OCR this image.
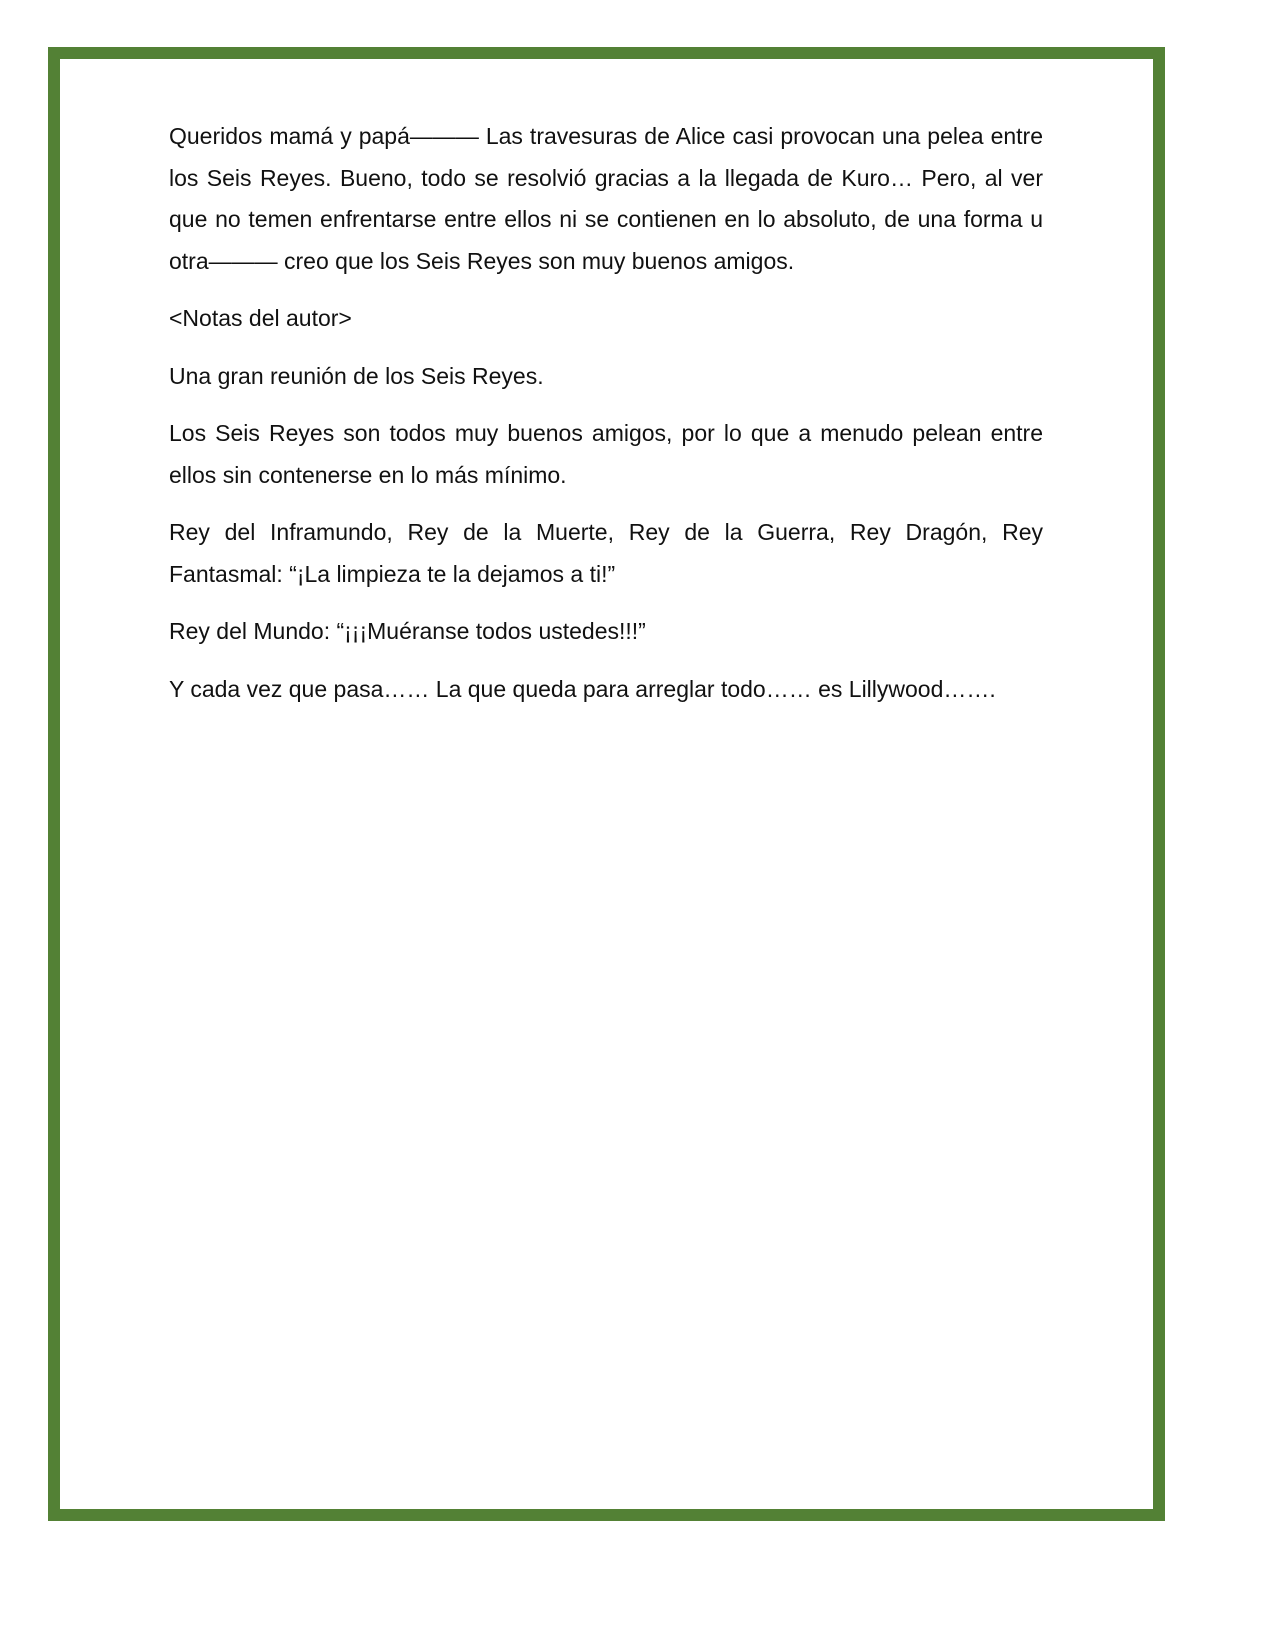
Queridos mamá y papá——— Las travesuras de Alice casi provocan una pelea entre los Seis Reyes. Bueno, todo se resolvió gracias a la llegada de Kuro… Pero, al ver que no temen enfrentarse entre ellos ni se contienen en lo absoluto, de una forma u otra——— creo que los Seis Reyes son muy buenos amigos.

<Notas del autor>

Una gran reunión de los Seis Reyes.

Los Seis Reyes son todos muy buenos amigos, por lo que a menudo pelean entre ellos sin contenerse en lo más mínimo.

Rey del Inframundo, Rey de la Muerte, Rey de la Guerra, Rey Dragón, Rey Fantasmal: “¡La limpieza te la dejamos a ti!”

Rey del Mundo: “¡¡¡Muéranse todos ustedes!!!”

Y cada vez que pasa…… La que queda para arreglar todo…… es Lillywood…….
